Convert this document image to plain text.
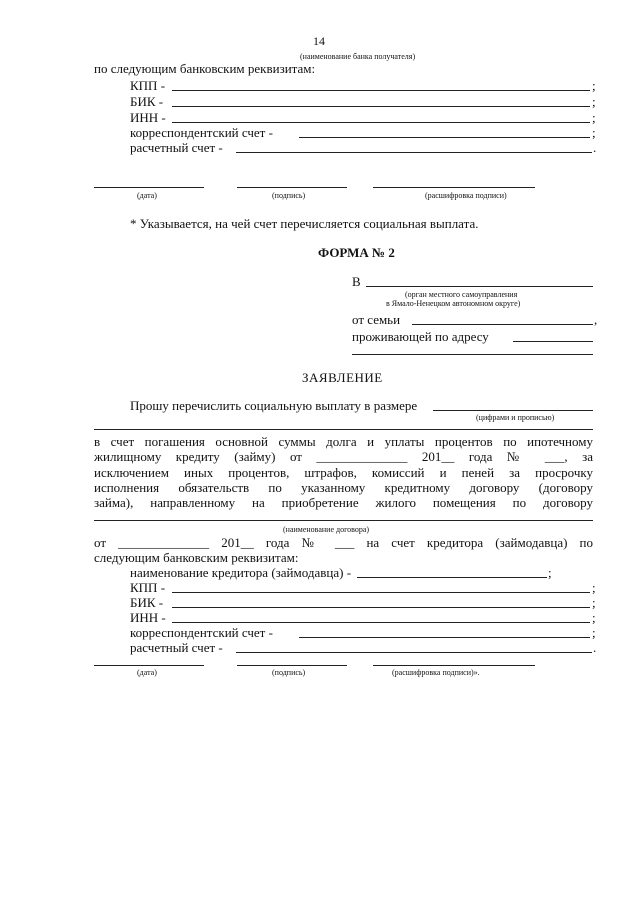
14
(наименование банка получателя)
по следующим банковским реквизитам:
КПП -	;
БИК -	;
ИНН -	;
корреспондентский счет -	;
расчетный счет -	.
(дата)	(подпись)	(расшифровка подписи)
* Указывается, на чей счет перечисляется социальная выплата.
ФОРМА № 2
В
(орган местного самоуправления
в Ямало-Ненецком автономном округе)
от семьи	,
проживающей по адресу
ЗАЯВЛЕНИЕ
Прошу перечислить социальную выплату в размере
(цифрами и прописью)
в счет погашения основной суммы долга и уплаты процентов по ипотечному
жилищному кредиту (займу) от ______________ 201__ года № ___, за
исключением иных процентов, штрафов, комиссий и пеней за просрочку
исполнения обязательств по указанному кредитному договору (договору
займа), направленному на приобретение жилого помещения по договору
(наименование договора)
от ______________ 201__ года № ___ на счет кредитора (займодавца) по
следующим банковским реквизитам:
наименование кредитора (займодавца) -	;
КПП -	;
БИК -	;
ИНН -	;
корреспондентский счет -	;
расчетный счет -	.
(дата)	(подпись)	(расшифровка подписи)».
